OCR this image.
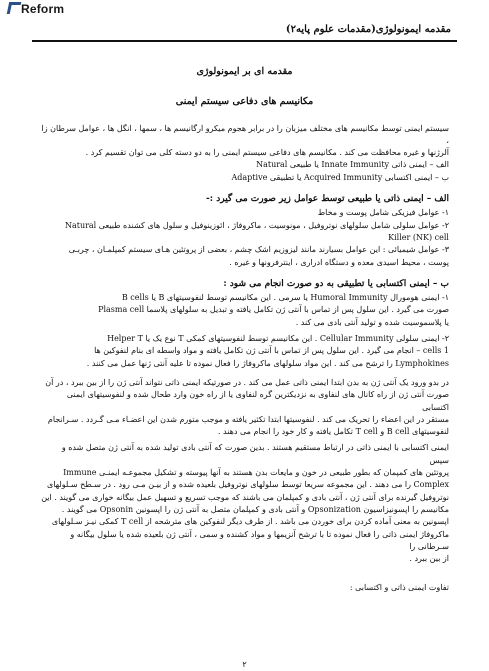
Reform
مقدمه ایمونولوژی(مقدمات علوم پایه۲)
مقدمه ای بر ایمونولوژی
مکانیسم های دفاعی سیستم ایمنی

سیستم ایمنی توسط مکانیسم های مختلف میزبان را در برابر هجوم میکرو ارگانیسم ها ، سمها ، انگل ها ، عوامل سرطان زا ،

آلرژنها و غیره محافظت می کند . مکانیسم های دفاعی سیستم ایمنی را به دو دسته کلی می توان تقسیم کرد .

الف – ایمنی ذاتی Innate Immunity یا طبیعی Natural

ب – ایمنی اکتسابی Acquired Immunity یا تطبیقی Adaptive

الف – ایمنی ذاتی یا طبیعی توسط عوامل زیر صورت می گیرد :-

۱- عوامل فیزیکی شامل پوست و مخاط

۲- عوامل سلولی شامل سلولهای نوتروفیل ، مونوسیت ، ماکروفاژ ، ائوزینوفیل و سلول های کشنده طبیعی Natural

Killer (NK) cell

۳- عوامل شیمیائی : این عوامل بسیارند مانند لیزوزیم اشک چشم ، بعضی از پروتئین هـای سیستم کمپلمـان ، چربـی

پوست ، محیط اسیدی معده و دستگاه ادراری ، اینترفرونها و غیره .

ب – ایمنی اکتسابی یا تطبیقی به دو صورت انجام می شود :

۱- ایمنی هومورال Humoral Immunity یا سرمی . این مکانیسم توسط لنفوسیتهای B یا B cells

صورت می گیرد . این سلول پس از تماس با آنتی ژن تکامل یافته و تبدیل به سلولهای پلاسما Plasma cell

یا پلاسموسیت شده و تولید آنتی بادی می کند .

۲- ایمنی سلولی Cellular Immunity . این مکانیسم توسط لنفوسیتهای کمکی T نوع یک یا Helper T

1 cells – انجام می گیرد . این سلول پس از تماس با آنتی ژن تکامل یافته و مواد واسطه ای بنام لنفوکین ها

Lymphokines را ترشح می کند . این مواد سلولهای ماکروفاژ را فعال نموده تا علیه آنتی ژنها عمل می کنند .

در بدو ورود یک آنتی ژن به بدن ابتدا ایمنی ذاتی عمل می کند . در صورتیکه ایمنی ذاتی نتواند آنتی ژن را از بین ببرد ، در آن

صورت آنتی ژن از راه کانال های لنفاوی به نزدیکترین گره لنفاوی یا از راه خون وارد طحال شده و لنفوسیتهای ایمنی اکتسابی

مستقر در این اعضاء را تحریک می کند . لنفوسیتها ابتدا تکثیر یافته و موجب متورم شدن این اعضـاء مـی گـردد . سـرانجام

لنفوسیتهای B cell و T cell تکامل یافته و کار خود را انجام می دهند .

ایمنی اکتسابی با ایمنی ذاتی در ارتباط مستقیم هستند . بدین صورت که آنتی بادی تولید شده به آنتی ژن متصل شده و سپس

پروتئین های کمپمان که بطور طبیعی در خون و مایعات بدن هستند به آنها پیوسته و تشکیل مجموعـه ایمنـی Immune

Complex را می دهند . این مجموعه سریعا توسط سلولهای نوتروفیل بلعیده شده و از بیـن مـی رود . در سـطح سـلولهای

نوتروفیل گیرنده برای آنتی ژن ، آنتی بادی و کمپلمان می باشند که موجب تسریع و تسهیل عمل بیگانه خواری می گویند . این

مکانیسم را اپسونیزاسیون Opsonization و آنتی بادی و کمپلمان متصل به آنتی ژن را اپسونین Opsonin می گویند .

اپسونین به معنی آماده کردن برای خوردن می باشد . از طرف دیگر لنفوکین های مترشحه از T cell کمکی نیـز سـلولهای

ماکروفاژ ایمنی ذاتی را فعال نموده تا با ترشح آنزیمها و مواد کشنده و سمی ، آنتی ژن بلعیده شده یا سلول بیگانه و سـرطانی را

از بین ببرد .

تفاوت ایمنی ذاتی و اکتسابی :

۲
